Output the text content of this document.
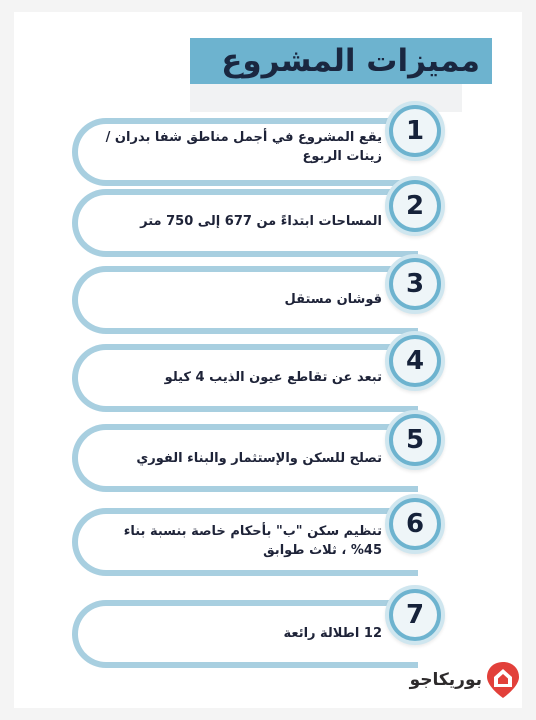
مميزات المشروع
يقع المشروع في أجمل مناطق شفا بدران / زينات الربوع
1
المساحات ابتداءً من 677 إلى 750 متر
2
قوشان مستقل
3
تبعد عن تقاطع عيون الذيب 4 كيلو
4
تصلح للسكن والإستثمار والبناء الفوري
5
تنظيم سكن "ب" بأحكام خاصة بنسبة بناء 45% ، ثلاث طوابق
6
12 اطلالة رائعة
7
بوريكاجو
